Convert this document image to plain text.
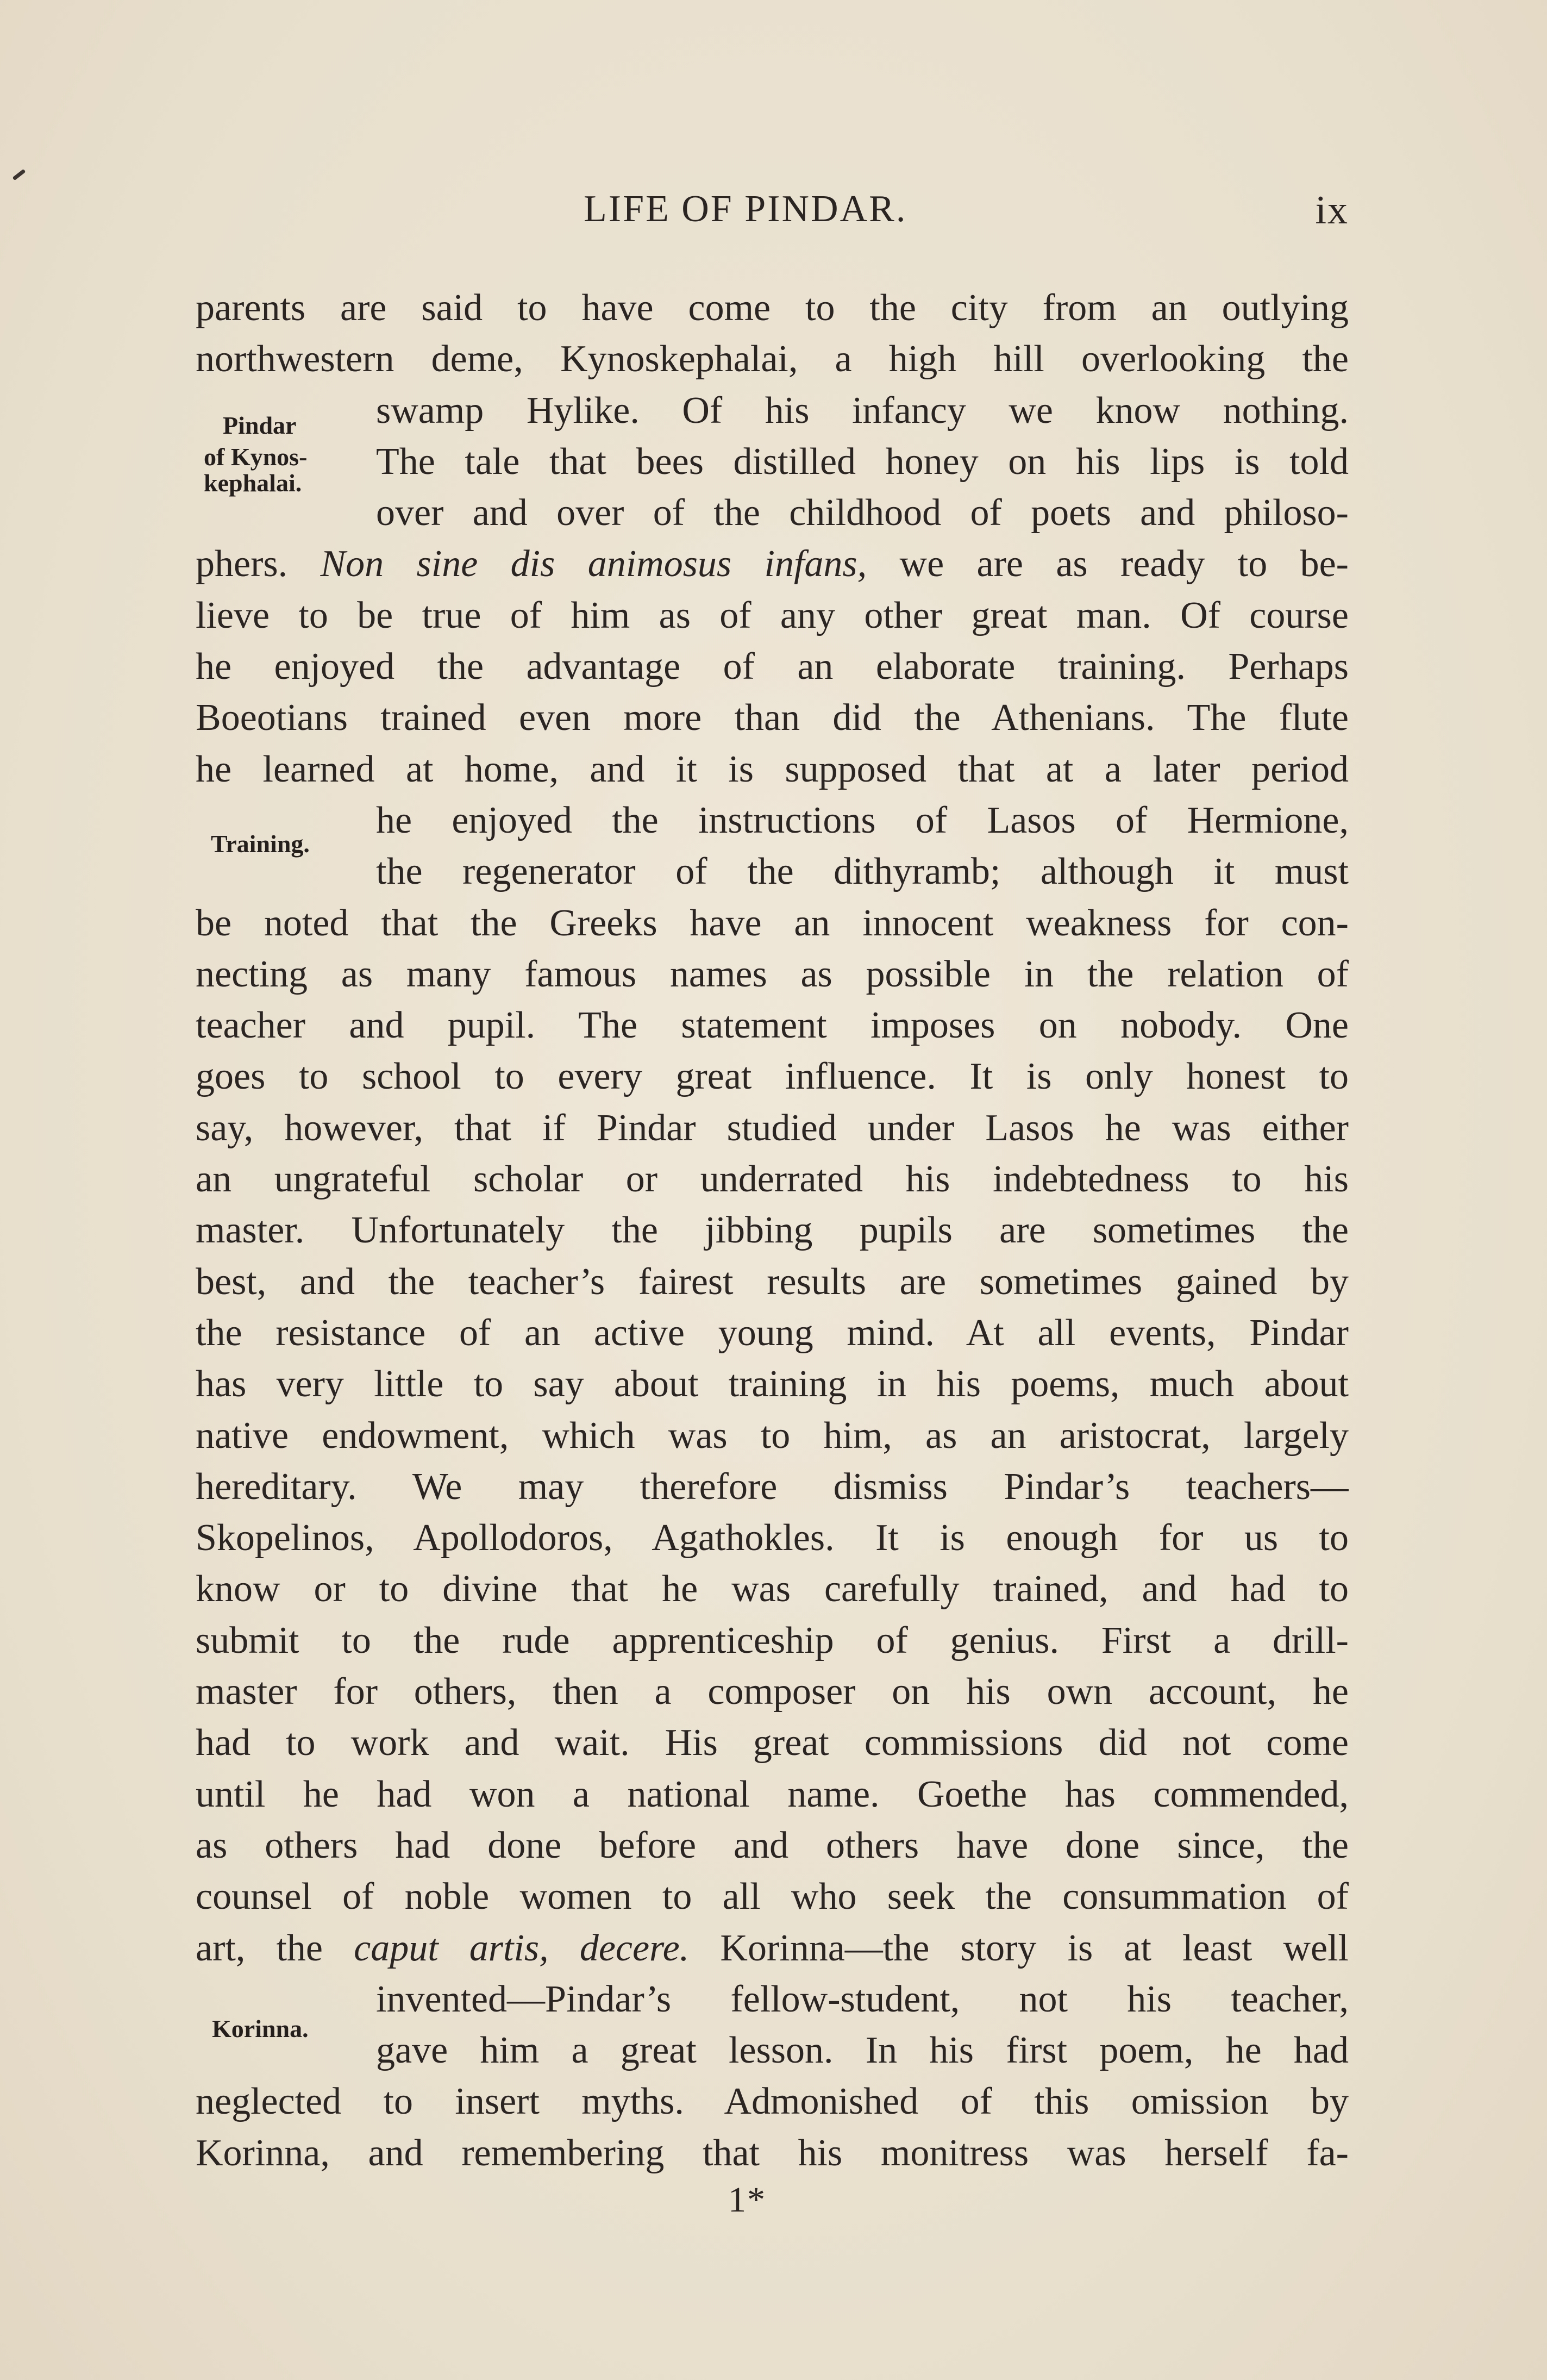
LIFE OF PINDAR.	ix
Pindar
of Kynos-
kephalai.
Training.
Korinna.
parents are said to have come to the city from an outlying
northwestern deme, Kynoskephalai, a high hill overlooking the
swamp Hylike. Of his infancy we know nothing.
The tale that bees distilled honey on his lips is told
over and over of the childhood of poets and philoso-
phers. Non sine dis animosus infans, we are as ready to be-
lieve to be true of him as of any other great man. Of course
he enjoyed the advantage of an elaborate training. Perhaps
Boeotians trained even more than did the Athenians. The flute
he learned at home, and it is supposed that at a later period
he enjoyed the instructions of Lasos of Hermione,
the regenerator of the dithyramb; although it must
be noted that the Greeks have an innocent weakness for con-
necting as many famous names as possible in the relation of
teacher and pupil. The statement imposes on nobody. One
goes to school to every great influence. It is only honest to
say, however, that if Pindar studied under Lasos he was either
an ungrateful scholar or underrated his indebtedness to his
master. Unfortunately the jibbing pupils are sometimes the
best, and the teacher’s fairest results are sometimes gained by
the resistance of an active young mind. At all events, Pindar
has very little to say about training in his poems, much about
native endowment, which was to him, as an aristocrat, largely
hereditary. We may therefore dismiss Pindar’s teachers—
Skopelinos, Apollodoros, Agathokles. It is enough for us to
know or to divine that he was carefully trained, and had to
submit to the rude apprenticeship of genius. First a drill-
master for others, then a composer on his own account, he
had to work and wait. His great commissions did not come
until he had won a national name. Goethe has commended,
as others had done before and others have done since, the
counsel of noble women to all who seek the consummation of
art, the caput artis, decere. Korinna—the story is at least well
invented—Pindar’s fellow-student, not his teacher,
gave him a great lesson. In his first poem, he had
neglected to insert myths. Admonished of this omission by
Korinna, and remembering that his monitress was herself fa-
1*
